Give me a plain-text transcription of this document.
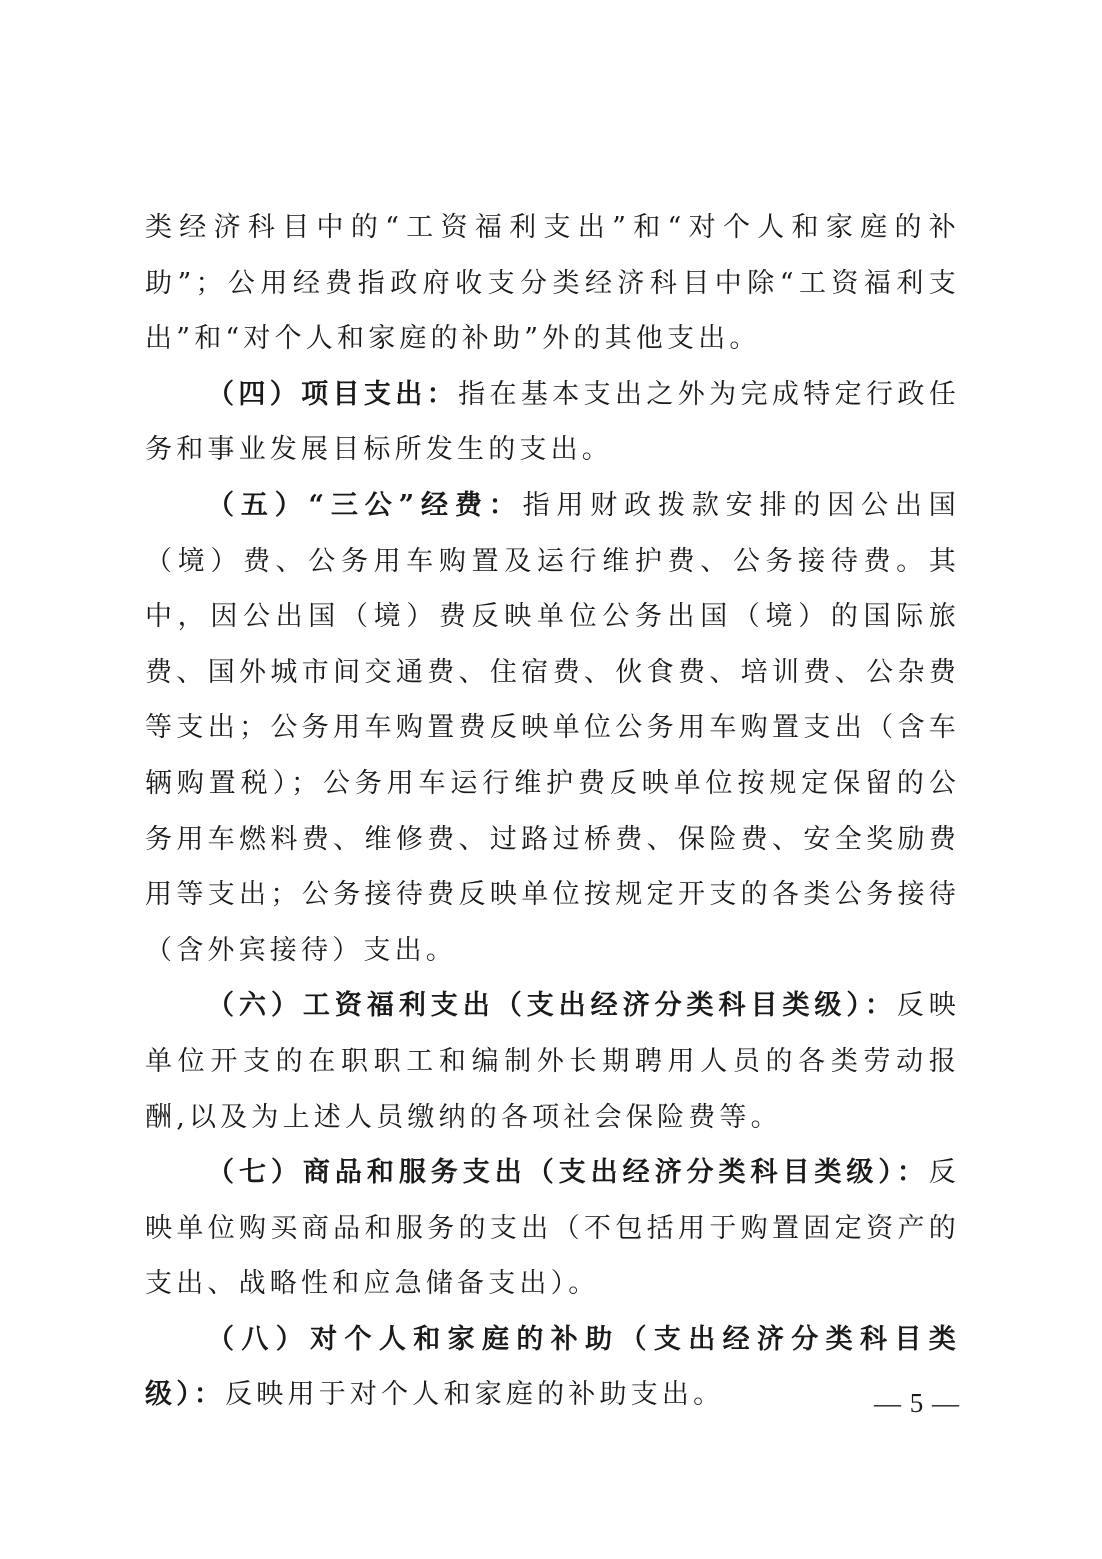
类经济科目中的“工资福利支出”和“对个人和家庭的补助”；公用经费指政府收支分类经济科目中除“工资福利支出”和“对个人和家庭的补助”外的其他支出。

（四）项目支出：指在基本支出之外为完成特定行政任务和事业发展目标所发生的支出。

（五）“三公”经费：指用财政拨款安排的因公出国（境）费、公务用车购置及运行维护费、公务接待费。其中，因公出国（境）费反映单位公务出国（境）的国际旅费、国外城市间交通费、住宿费、伙食费、培训费、公杂费等支出；公务用车购置费反映单位公务用车购置支出（含车辆购置税）；公务用车运行维护费反映单位按规定保留的公务用车燃料费、维修费、过路过桥费、保险费、安全奖励费用等支出；公务接待费反映单位按规定开支的各类公务接待（含外宾接待）支出。

（六）工资福利支出（支出经济分类科目类级）：反映单位开支的在职职工和编制外长期聘用人员的各类劳动报酬,以及为上述人员缴纳的各项社会保险费等。

（七）商品和服务支出（支出经济分类科目类级）：反映单位购买商品和服务的支出（不包括用于购置固定资产的支出、战略性和应急储备支出）。

（八）对个人和家庭的补助（支出经济分类科目类级）：反映用于对个人和家庭的补助支出。	— 5 —
